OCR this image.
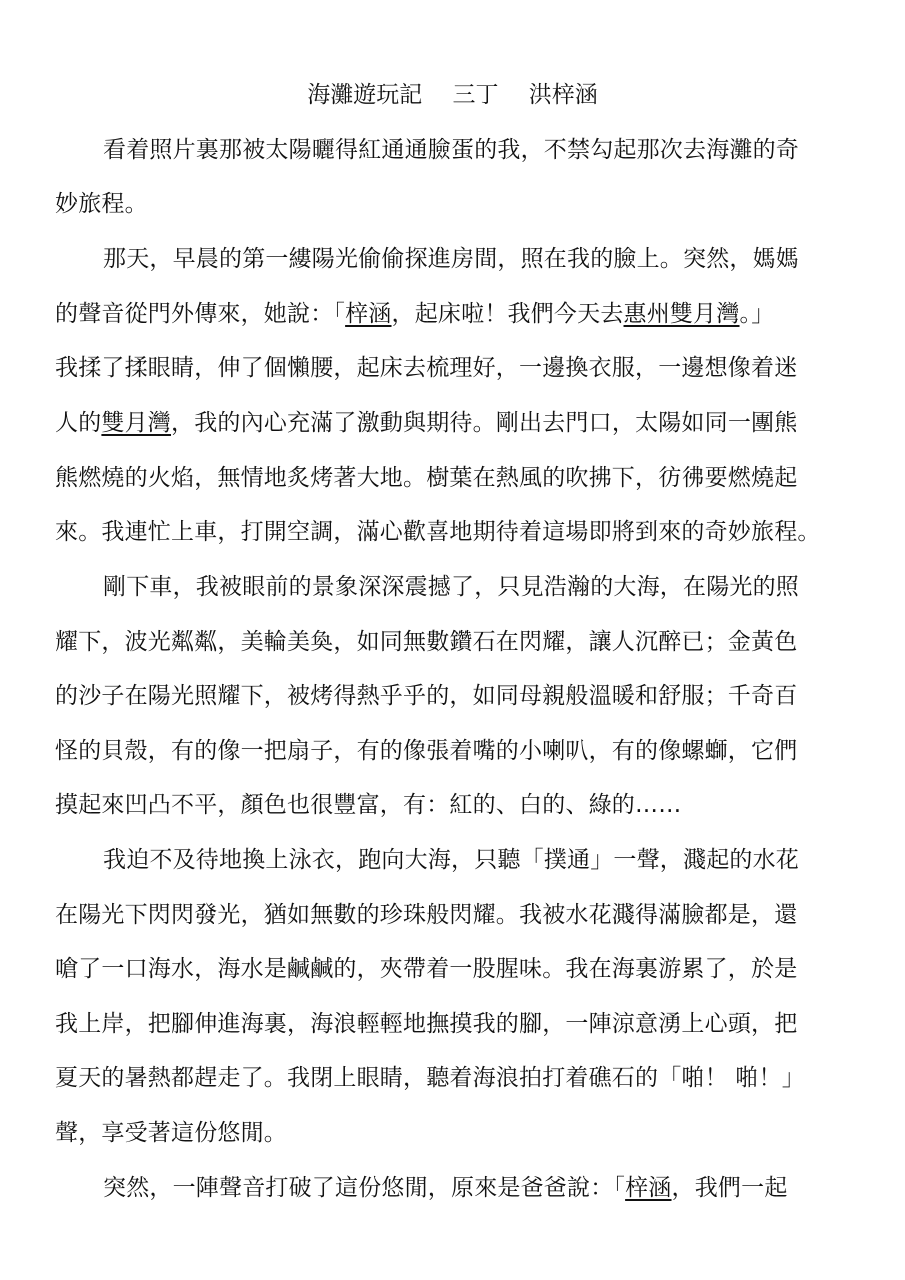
海灘遊玩記　 三丁　 洪梓涵
看着照片裏那被太陽曬得紅通通臉蛋的我，不禁勾起那次去海灘的奇
妙旅程。
那天，早晨的第一縷陽光偷偷探進房間，照在我的臉上。突然，媽媽
的聲音從門外傳來，她說：「梓涵，起床啦！我們今天去惠州雙月灣。」
我揉了揉眼睛，伸了個懶腰，起床去梳理好，一邊換衣服，一邊想像着迷
人的雙月灣，我的內心充滿了激動與期待。剛出去門口，太陽如同一團熊
熊燃燒的火焰，無情地炙烤著大地。樹葉在熱風的吹拂下，彷彿要燃燒起
來。我連忙上車，打開空調，滿心歡喜地期待着這場即將到來的奇妙旅程。
剛下車，我被眼前的景象深深震撼了，只見浩瀚的大海，在陽光的照
耀下，波光粼粼，美輪美奐，如同無數鑽石在閃耀，讓人沉醉已；金黃色
的沙子在陽光照耀下，被烤得熱乎乎的，如同母親般溫暖和舒服；千奇百
怪的貝殼，有的像一把扇子，有的像張着嘴的小喇叭，有的像螺螄，它們
摸起來凹凸不平，顏色也很豐富，有：紅的、白的、綠的……
我迫不及待地換上泳衣，跑向大海，只聽「撲通」一聲，濺起的水花
在陽光下閃閃發光，猶如無數的珍珠般閃耀。我被水花濺得滿臉都是，還
嗆了一口海水，海水是鹹鹹的，夾帶着一股腥味。我在海裏游累了，於是
我上岸，把腳伸進海裏，海浪輕輕地撫摸我的腳，一陣涼意湧上心頭，把
夏天的暑熱都趕走了。我閉上眼睛，聽着海浪拍打着礁石的「啪！ 啪！」
聲，享受著這份悠閒。
突然，一陣聲音打破了這份悠閒，原來是爸爸說：「梓涵，我們一起
